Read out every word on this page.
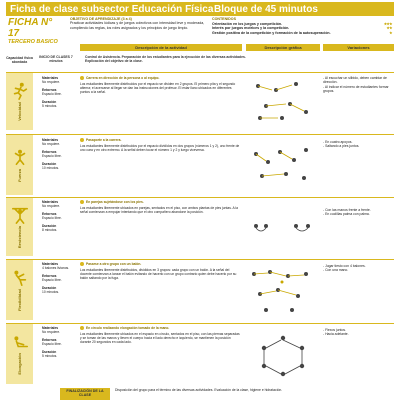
Ficha de clase subsector Educación Física Bloque de 45 minutos
FICHA N° 17
TERCERO BASICO
OBJETIVO DE APRENDIZAJE (3 a 4)
Practicar actividades lúdicas y de juegos colectivos con intensidad leve y moderada, cumpliendo las reglas, los roles asignados y los principios de juego limpio.
CONTENIDOS
Orientación en los juegos y competición.	★★★
Interés por juegos motrices y la competición.	★★
Gestión positiva de la competición y formación de la autosuperación.	★
Descripción de la actividad	Descripción gráfica	Variaciones
Capacidad física abordada
INICIO DE CLASES 7 minutos
Control de Asistencia. Preparación de los estudiantes para la ejecución de las diversas actividades. Explicación del objetivo de la clase.
Velocidad
Materiales
No requiere.

Entornos
Espacio libre.

Duración
5 minutos.
Carrera en dirección de la persona o al equipo.
Los estudiantes libremente distribuidos por el espacio se dividen en 2 grupos. El primero pita y el segundo alterna; el acercarse al llegar se dan las instrucciones del profesor. El estar llano ubicados en diferentes puntos a la señal.
- Al escuchar un silbido, deben cambiar de dirección.
- Al indicar el número de estudiantes formar grupos.
Fuerza
Materiales
No requiere.

Entornos
Espacio libre.

Duración
10 minutos.
Pasaporte a la carrera.
Los estudiantes libremente distribuidos por el espacio divididos en dos grupos (números 1 y 2), uno frente de uno cara y en otro extremo. A la señal deben tocar el número 1 y 2 y luego viceversa.
- En cuatro apoyos.
- Saltando a pies juntos.
Resistencia
Materiales
No requiere.

Entornos
Espacio libre.

Duración
8 minutos.
En parejas sujetándose con los pies.
Los estudiantes libremente ubicados en parejas, sentados en el piso, con ambos plantas de pies juntas. A la señal comienzan a empujar intentando que el otro compañero abandone la posición.
- Con las manos frente a frente.
- En cuclillas palma con palma.
Flexibilidad
Materiales
4 balones livianos.

Entornos
Espacio libre.

Duración
10 minutos.
Pasarse a otro grupo con un balón.
Los estudiantes libremente distribuidos, divididos en 3 grupos: cada grupo con un balón. A la señal del docente comienzan a lanzar el balón evitando de hacerlo con un grupo contrario quien debe hacerlo por su balón saltando por la fuga.
- Jugar tiesto con 4 balones.
- Con una mano.
Elongación
Materiales
No requiere.

Entornos
Espacio libre.

Duración
5 minutos.
En círculo realizando elongación tomado de la mano.
Los estudiantes libremente ubicados en el espacio en círculo, sentados en el piso, con las piernas separadas y se toman de las manos y lleven el cuerpo hacia el lado derecho e izquierdo, se mantienen la posición durante 20 segundos en cada lado.
- Flexos juntos.
- Hacia adelante.
FINALIZACIÓN DE LA CLASE
Disposición del grupo para el término de las diversas actividades. Evaluación de la clase, higiene e hidratación.
